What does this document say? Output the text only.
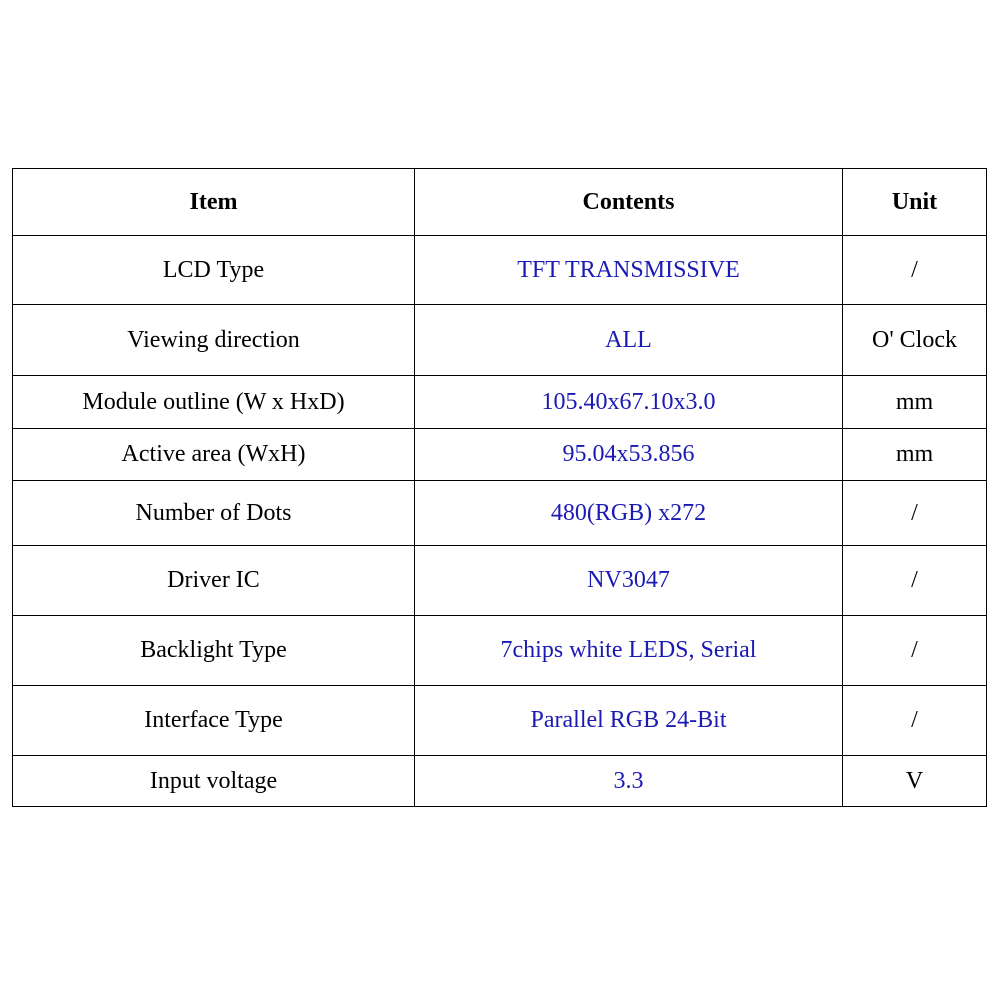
Item	Contents	Unit
LCD Type	TFT TRANSMISSIVE	/
Viewing direction	ALL	O' Clock
Module outline (W x HxD)	105.40x67.10x3.0	mm
Active area (WxH)	95.04x53.856	mm
Number of Dots	480(RGB) x272	/
Driver IC	NV3047	/
Backlight Type	7chips white LEDS, Serial	/
Interface Type	Parallel RGB 24-Bit	/
Input voltage	3.3	V
